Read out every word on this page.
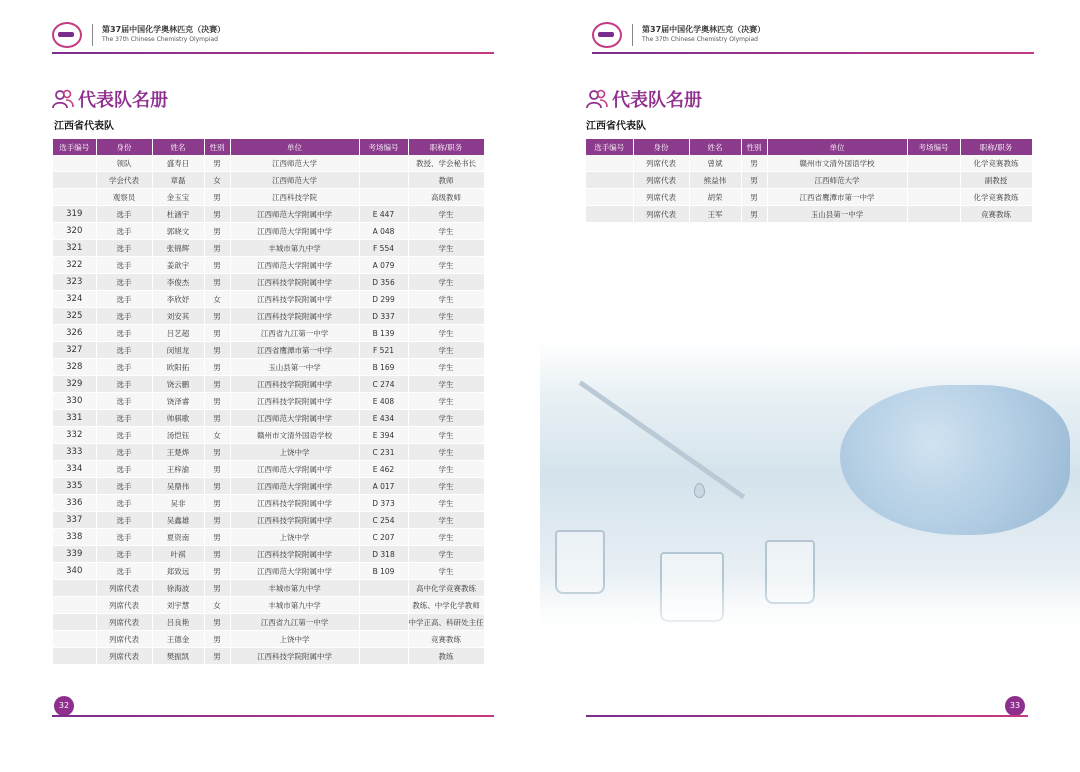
第37届中国化学奥林匹克（决赛）
The 37th Chinese Chemistry Olympiad
代表队名册
江西省代表队
选手编号	身份	姓名	性别	单位	考场编号	职称/职务
	领队	盛寿日	男	江西师范大学		教授、学会秘书长
	学会代表	章磊	女	江西师范大学		教师
	观察员	金玉宝	男	江西科技学院		高级教师
319	选手	杜涵宇	男	江西师范大学附属中学	E 447	学生
320	选手	郭晓文	男	江西师范大学附属中学	A 048	学生
321	选手	张锦辉	男	丰城市第九中学	F 554	学生
322	选手	姜歆宇	男	江西师范大学附属中学	A 079	学生
323	选手	李俊杰	男	江西科技学院附属中学	D 356	学生
324	选手	李欣妤	女	江西科技学院附属中学	D 299	学生
325	选手	刘安其	男	江西科技学院附属中学	D 337	学生
326	选手	吕艺超	男	江西省九江第一中学	B 139	学生
327	选手	闵旭龙	男	江西省鹰潭市第一中学	F 521	学生
328	选手	欧阳拓	男	玉山县第一中学	B 169	学生
329	选手	饶云鹏	男	江西科技学院附属中学	C 274	学生
330	选手	饶泽睿	男	江西科技学院附属中学	E 408	学生
331	选手	帅骐歌	男	江西师范大学附属中学	E 434	学生
332	选手	汤恺钰	女	赣州市文清外国语学校	E 394	学生
333	选手	王楚烨	男	上饶中学	C 231	学生
334	选手	王梓渝	男	江西师范大学附属中学	E 462	学生
335	选手	吴鼎伟	男	江西师范大学附属中学	A 017	学生
336	选手	吴非	男	江西科技学院附属中学	D 373	学生
337	选手	吴鑫雄	男	江西科技学院附属中学	C 254	学生
338	选手	夏资南	男	上饶中学	C 207	学生
339	选手	叶祺	男	江西科技学院附属中学	D 318	学生
340	选手	郑致远	男	江西师范大学附属中学	B 109	学生
	列席代表	徐海波	男	丰城市第九中学		高中化学竞赛教练
	列席代表	刘宇慧	女	丰城市第九中学		教练、中学化学教师
	列席代表	吕良艳	男	江西省九江第一中学		中学正高、科研处主任
	列席代表	王德金	男	上饶中学		竞赛教练
	列席代表	樊振凯	男	江西科技学院附属中学		教练
32
第37届中国化学奥林匹克（决赛）
The 37th Chinese Chemistry Olympiad
代表队名册
江西省代表队
选手编号	身份	姓名	性别	单位	考场编号	职称/职务
	列席代表	曾斌	男	赣州市文清外国语学校		化学竞赛教练
	列席代表	熊益伟	男	江西师范大学		副教授
	列席代表	胡荣	男	江西省鹰潭市第一中学		化学竞赛教练
	列席代表	王军	男	玉山县第一中学		竞赛教练
33
